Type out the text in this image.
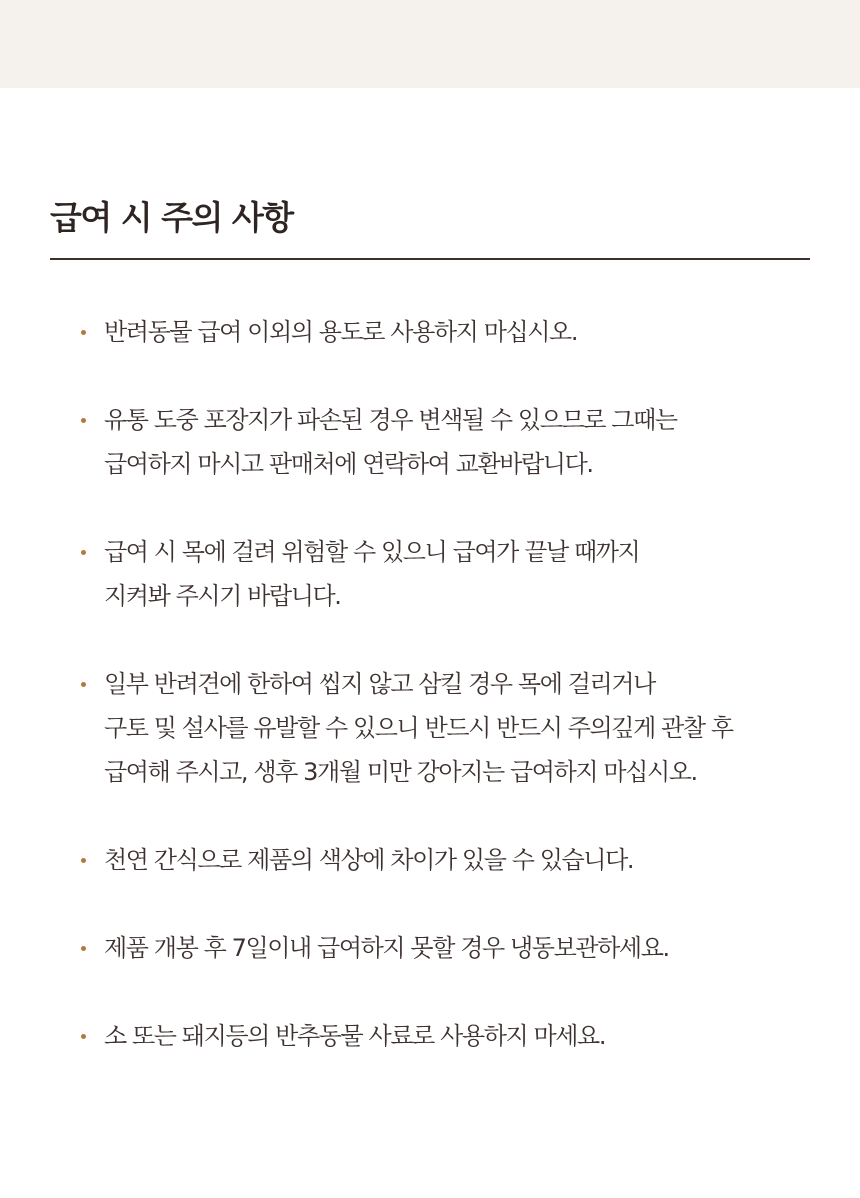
급여 시 주의 사항
반려동물 급여 이외의 용도로 사용하지 마십시오.
유통 도중 포장지가 파손된 경우 변색될 수 있으므로 그때는
급여하지 마시고 판매처에 연락하여 교환바랍니다.
급여 시 목에 걸려 위험할 수 있으니 급여가 끝날 때까지
지켜봐 주시기 바랍니다.
일부 반려견에 한하여 씹지 않고 삼킬 경우 목에 걸리거나
구토 및 설사를 유발할 수 있으니 반드시 반드시 주의깊게 관찰 후
급여해 주시고, 생후 3개월 미만 강아지는 급여하지 마십시오.
천연 간식으로 제품의 색상에 차이가 있을 수 있습니다.
제품 개봉 후 7일이내 급여하지 못할 경우 냉동보관하세요.
소 또는 돼지등의 반추동물 사료로 사용하지 마세요.
